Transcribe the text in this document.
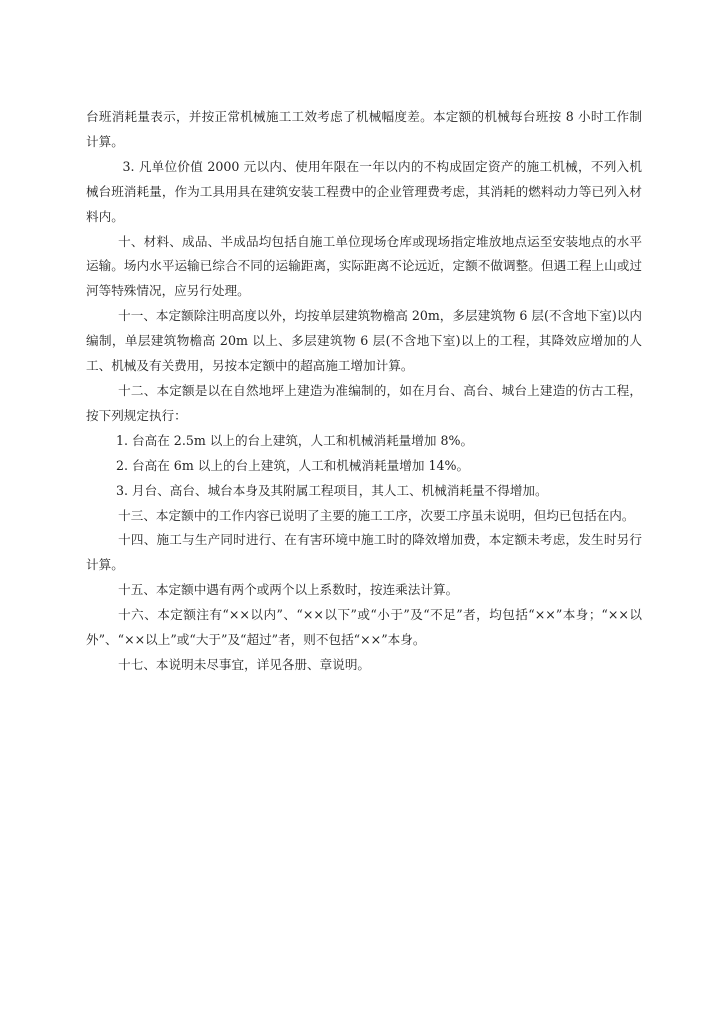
台班消耗量表示，并按正常机械施工工效考虑了机械幅度差。本定额的机械每台班按 8 小时工作制计算。

3. 凡单位价值 2000 元以内、使用年限在一年以内的不构成固定资产的施工机械，不列入机械台班消耗量，作为工具用具在建筑安装工程费中的企业管理费考虑，其消耗的燃料动力等已列入材料内。

十、材料、成品、半成品均包括自施工单位现场仓库或现场指定堆放地点运至安装地点的水平运输。场内水平运输已综合不同的运输距离，实际距离不论远近，定额不做调整。但遇工程上山或过河等特殊情况，应另行处理。

十一、本定额除注明高度以外，均按单层建筑物檐高 20m，多层建筑物 6 层(不含地下室)以内编制，单层建筑物檐高 20m 以上、多层建筑物 6 层(不含地下室)以上的工程，其降效应增加的人工、机械及有关费用，另按本定额中的超高施工增加计算。

十二、本定额是以在自然地坪上建造为准编制的，如在月台、高台、城台上建造的仿古工程，按下列规定执行：

1. 台高在 2.5m 以上的台上建筑，人工和机械消耗量增加 8%。

2. 台高在 6m 以上的台上建筑，人工和机械消耗量增加 14%。

3. 月台、高台、城台本身及其附属工程项目，其人工、机械消耗量不得增加。

十三、本定额中的工作内容已说明了主要的施工工序，次要工序虽未说明，但均已包括在内。

十四、施工与生产同时进行、在有害环境中施工时的降效增加费，本定额未考虑，发生时另行计算。

十五、本定额中遇有两个或两个以上系数时，按连乘法计算。

十六、本定额注有“××以内”、“××以下”或“小于”及“不足”者，均包括“××”本身；“××以外”、“××以上”或“大于”及“超过”者，则不包括“××”本身。

十七、本说明未尽事宜，详见各册、章说明。
